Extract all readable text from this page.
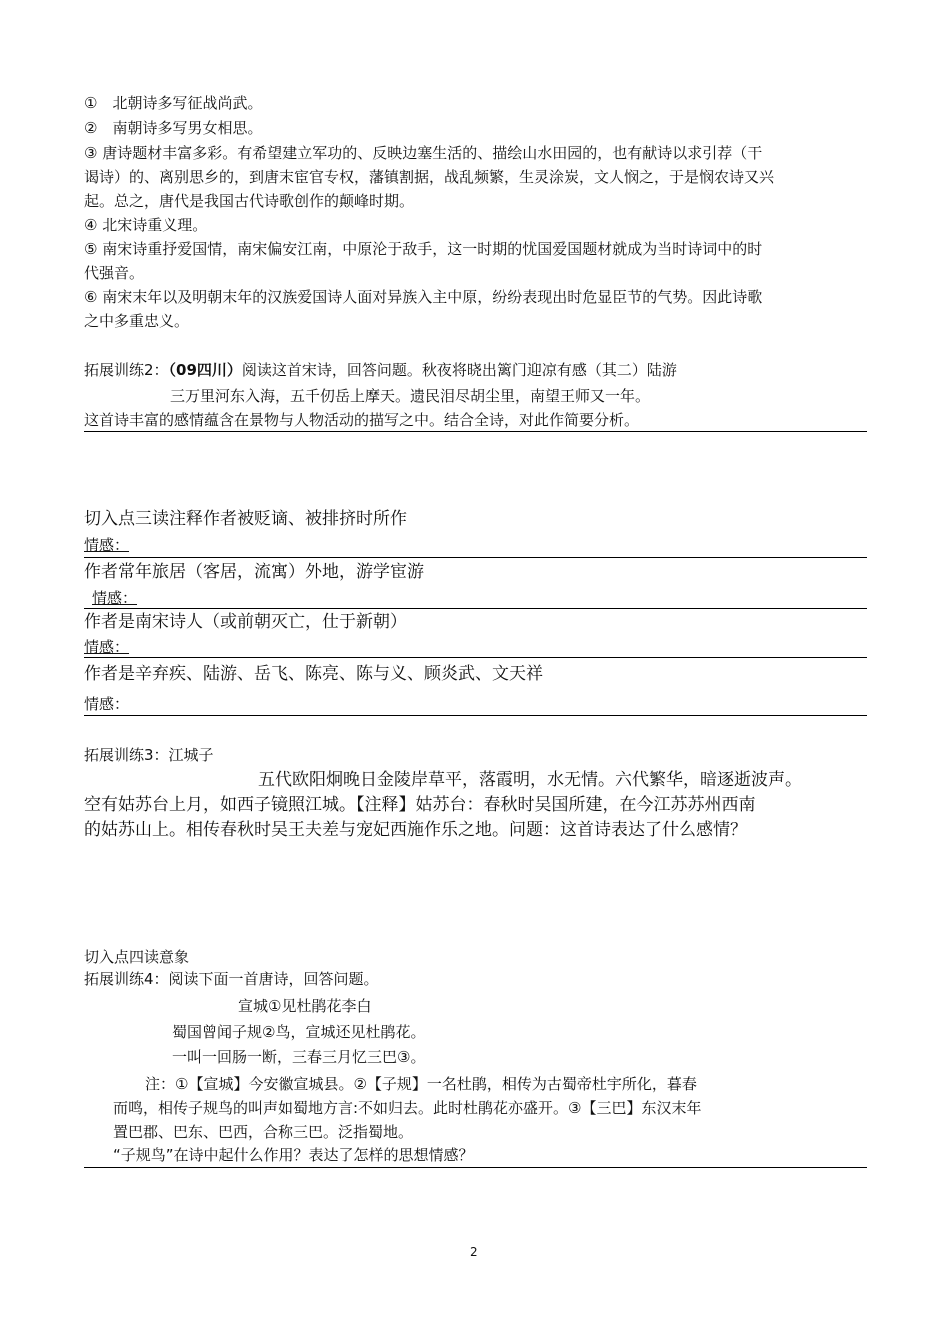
①　北朝诗多写征战尚武。
②　南朝诗多写男女相思。
③ 唐诗题材丰富多彩。有希望建立军功的、反映边塞生活的、描绘山水田园的，也有献诗以求引荐（干
谒诗）的、离别思乡的，到唐末宦官专权，藩镇割据，战乱频繁，生灵涂炭，文人悯之，于是悯农诗又兴
起。总之，唐代是我国古代诗歌创作的颠峰时期。
④ 北宋诗重义理。
⑤ 南宋诗重抒爱国情，南宋偏安江南，中原沦于敌手，这一时期的忧国爱国题材就成为当时诗词中的时
代强音。
⑥ 南宋末年以及明朝末年的汉族爱国诗人面对异族入主中原，纷纷表现出时危显臣节的气势。因此诗歌
之中多重忠义。
拓展训练2：（09四川）阅读这首宋诗，回答问题。秋夜将晓出篱门迎凉有感（其二）陆游
三万里河东入海，五千仞岳上摩天。遗民泪尽胡尘里，南望王师又一年。
这首诗丰富的感情蕴含在景物与人物活动的描写之中。结合全诗，对此作简要分析。
切入点三读注释作者被贬谪、被排挤时所作
情感：
作者常年旅居（客居，流寓）外地，游学宦游
情感：
作者是南宋诗人（或前朝灭亡，仕于新朝）
情感：
作者是辛弃疾、陆游、岳飞、陈亮、陈与义、顾炎武、文天祥
情感：
拓展训练3：江城子
五代欧阳炯晚日金陵岸草平，落霞明，水无情。六代繁华，暗逐逝波声。
空有姑苏台上月，如西子镜照江城。【注释】姑苏台：春秋时吴国所建，在今江苏苏州西南
的姑苏山上。相传春秋时吴王夫差与宠妃西施作乐之地。问题：这首诗表达了什么感情？
切入点四读意象
拓展训练4：阅读下面一首唐诗，回答问题。
宣城①见杜鹃花李白
蜀国曾闻子规②鸟，宣城还见杜鹃花。
一叫一回肠一断，三春三月忆三巴③。
注：①【宣城】今安徽宣城县。②【子规】一名杜鹃，相传为古蜀帝杜宇所化，暮春
而鸣，相传子规鸟的叫声如蜀地方言:不如归去。此时杜鹃花亦盛开。③【三巴】东汉末年
置巴郡、巴东、巴西，合称三巴。泛指蜀地。
“子规鸟”在诗中起什么作用？表达了怎样的思想情感？
2
